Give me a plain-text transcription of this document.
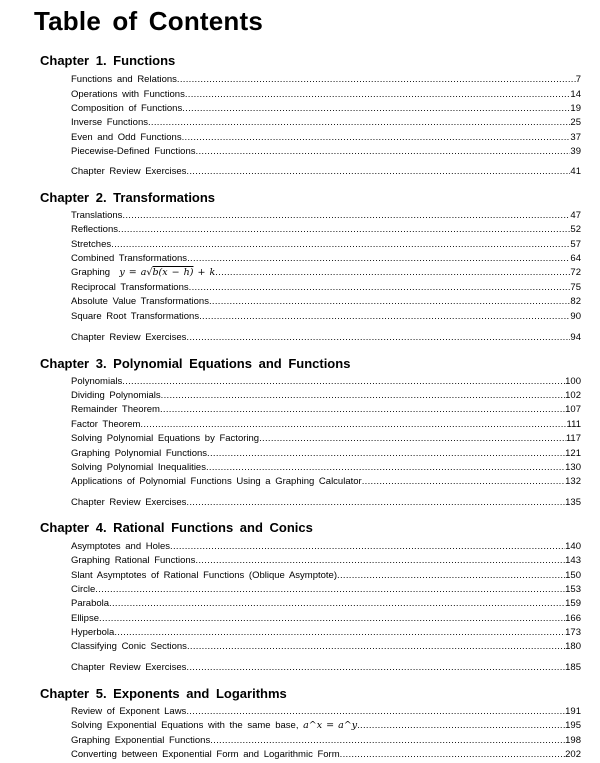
Table of Contents
Chapter 1. Functions
Functions and Relations .....	7
Operations with Functions .....	14
Composition of Functions .....	19
Inverse Functions .....	25
Even and Odd Functions .....	37
Piecewise-Defined Functions .....	39
Chapter Review Exercises .....	41
Chapter 2. Transformations
Translations .....	47
Reflections .....	52
Stretches .....	57
Combined Transformations .....	64
Graphing y = a√b(x − h) + k .....	72
Reciprocal Transformations .....	75
Absolute Value Transformations .....	82
Square Root Transformations .....	90
Chapter Review Exercises .....	94
Chapter 3. Polynomial Equations and Functions
Polynomials .....	100
Dividing Polynomials .....	102
Remainder Theorem .....	107
Factor Theorem .....	111
Solving Polynomial Equations by Factoring .....	117
Graphing Polynomial Functions .....	121
Solving Polynomial Inequalities .....	130
Applications of Polynomial Functions Using a Graphing Calculator .....	132
Chapter Review Exercises .....	135
Chapter 4. Rational Functions and Conics
Asymptotes and Holes .....	140
Graphing Rational Functions .....	143
Slant Asymptotes of Rational Functions (Oblique Asymptote) .....	150
Circle .....	153
Parabola .....	159
Ellipse .....	166
Hyperbola .....	173
Classifying Conic Sections .....	180
Chapter Review Exercises .....	185
Chapter 5. Exponents and Logarithms
Review of Exponent Laws .....	191
Solving Exponential Equations with the same base, a^x = a^y .....	195
Graphing Exponential Functions .....	198
Converting between Exponential Form and Logarithmic Form .....	202
